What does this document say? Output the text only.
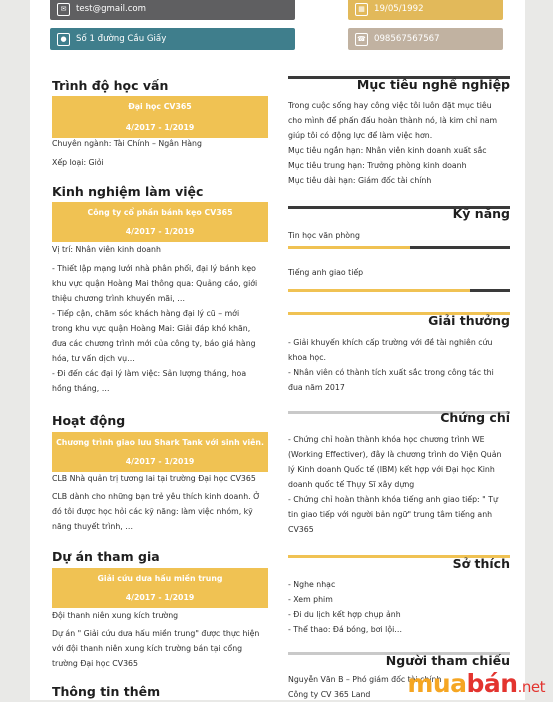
✉	test@gmail.com	▦	19/05/1992
●	Số 1 đường Cầu Giấy	☎ 098567567567
Trình độ học vấn
Đại học CV365
4/2017 - 1/2019
Chuyên ngành: Tài Chính – Ngân Hàng
Xếp loại: Giỏi
Kinh nghiệm làm việc
Công ty cổ phần bánh kẹo CV365
4/2017 - 1/2019
Vị trí: Nhân viên kinh doanh
- Thiết lập mạng lưới nhà phân phối, đại lý bánh kẹo
khu vực quận Hoàng Mai thông qua: Quảng cáo, giới
thiệu chương trình khuyến mãi, …
- Tiếp cận, chăm sóc khách hàng đại lý cũ – mới
trong khu vực quận Hoàng Mai: Giải đáp khó khăn,
đưa các chương trình mới của công ty, báo giá hàng
hóa, tư vấn dịch vụ…
- Đi đến các đại lý làm việc: Sản lượng tháng, hoa
hồng tháng, …
Hoạt động
Chương trình giao lưu Shark Tank với sinh viên.
4/2017 - 1/2019
CLB Nhà quản trị tương lai tại trường Đại học CV365
CLB dành cho những bạn trẻ yêu thích kinh doanh. Ở
đó tôi được học hỏi các kỹ năng: làm việc nhóm, kỹ
năng thuyết trình, …
Dự án tham gia
Giải cứu dưa hấu miền trung
4/2017 - 1/2019
Đội thanh niên xung kích trường
Dự án " Giải cứu dưa hấu miền trung" được thực hiện
với đội thanh niên xung kích trường bán tại cổng
trường Đại học CV365
Thông tin thêm
Mục tiêu nghề nghiệp
Trong cuộc sống hay công việc tôi luôn đặt mục tiêu
cho mình để phấn đấu hoàn thành nó, là kim chỉ nam
giúp tôi có động lực để làm việc hơn.
Mục tiêu ngắn hạn: Nhân viên kinh doanh xuất sắc
Mục tiêu trung hạn: Trưởng phòng kinh doanh
Mục tiêu dài hạn: Giám đốc tài chính
Kỹ năng
Tin học văn phòng
Tiếng anh giao tiếp
Giải thưởng
- Giải khuyến khích cấp trường với đề tài nghiên cứu
khoa học.
- Nhân viên có thành tích xuất sắc trong công tác thi
đua năm 2017
Chứng chỉ
- Chứng chỉ hoàn thành khóa học chương trình WE
(Working Effectiver), đây là chương trình do Viện Quản
lý Kinh doanh Quốc tế (IBM) kết hợp với Đại học Kinh
doanh quốc tế Thụy Sĩ xây dựng
- Chứng chỉ hoàn thành khóa tiếng anh giao tiếp: " Tự
tin giao tiếp với người bản ngữ" trung tâm tiếng anh
CV365
Sở thích
- Nghe nhạc
- Xem phim
- Đi du lịch kết hợp chụp ảnh
- Thể thao: Đá bóng, bơi lội…
Người tham chiếu
Nguyễn Văn B – Phó giám đốc tài chính
Công ty CV 365 Land	muabán.net
